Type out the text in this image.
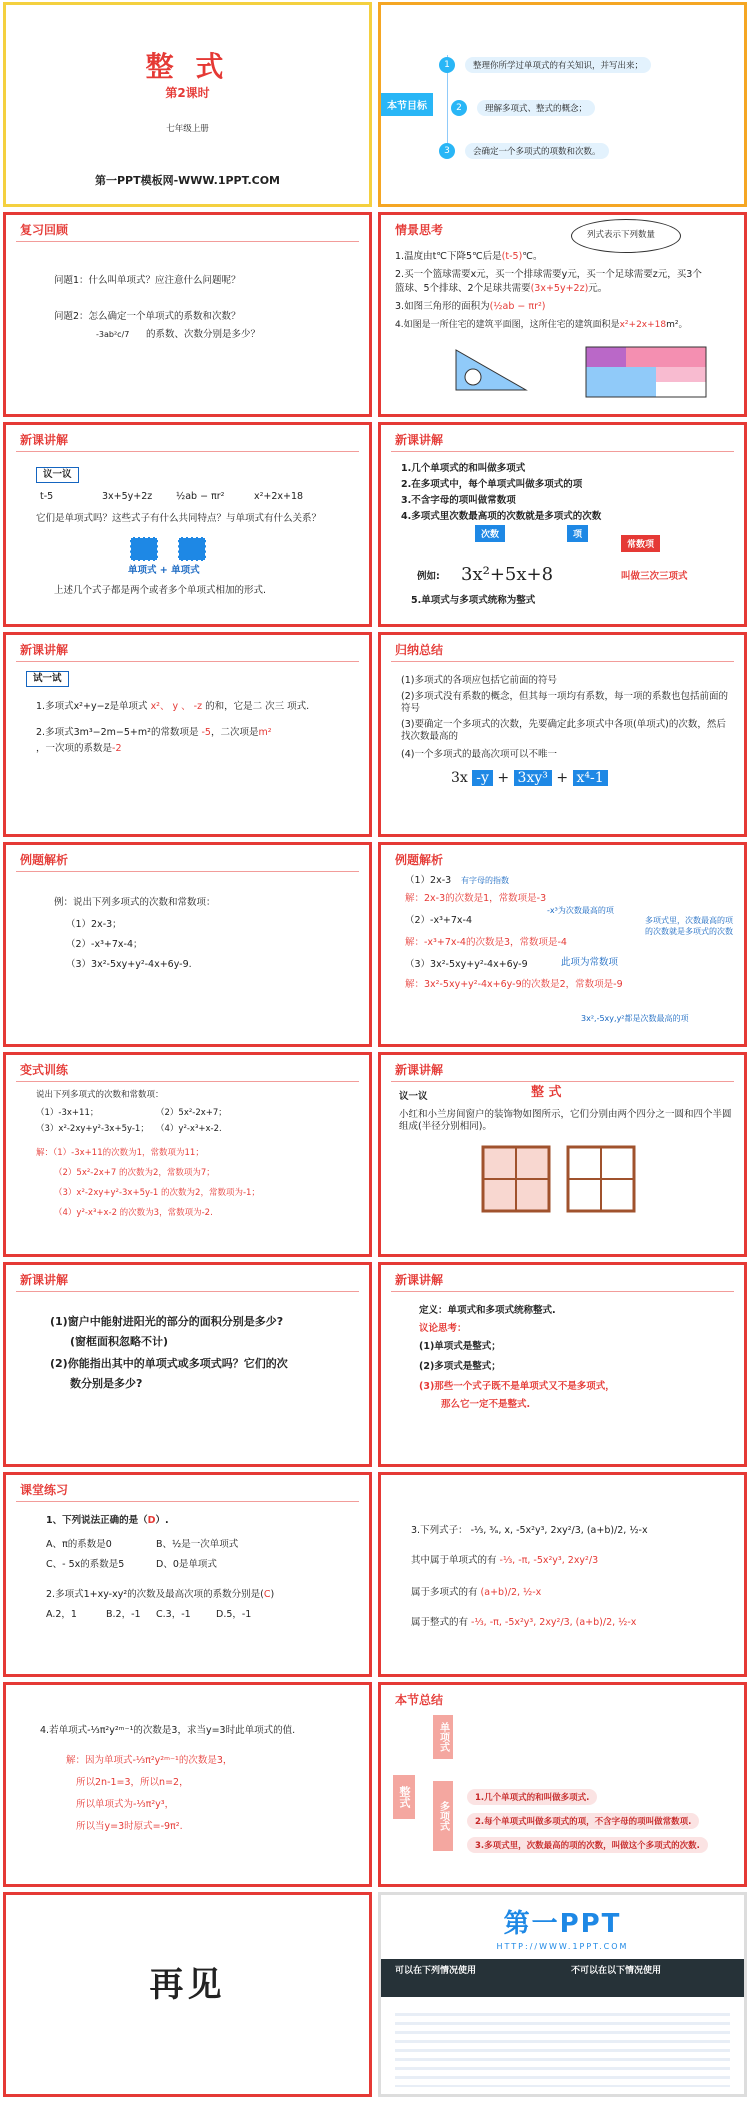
整 式
第2课时
七年级上册
第一PPT模板网-WWW.1PPT.COM
本节目标
1	整理你所学过单项式的有关知识，并写出来；
2	理解多项式、整式的概念；
3	会确定一个多项式的项数和次数。
复习回顾
问题1：什么叫单项式？应注意什么问题呢？
问题2：怎么确定一个单项式的系数和次数？
-3ab²c/7 的系数、次数分别是多少？
情景思考	列式表示下列数量
1.温度由t℃下降5℃后是(t-5)℃。
2.买一个篮球需要x元，买一个排球需要y元，买一个足球需要z元，买3个
篮球、5个排球、2个足球共需要(3x+5y+2z)元。
3.如图三角形的面积为(½ab − πr²)
4.如图是一所住宅的建筑平面图，这所住宅的建筑面积是x²+2x+18m²。
新课讲解
议一议
t-5	3x+5y+2z ½ab − πr²	x²+2x+18
它们是单项式吗？这些式子有什么共同特点？与单项式有什么关系？
单项式 + 单项式
上述几个式子都是两个或者多个单项式相加的形式.
新课讲解
1.几个单项式的和叫做多项式
2.在多项式中，每个单项式叫做多项式的项
3.不含字母的项叫做常数项
4.多项式里次数最高项的次数就是多项式的次数
次数	项
常数项
例如: 3x²+5x+8	叫做三次三项式
5.单项式与多项式统称为整式
新课讲解
试一试
1.多项式x²+y−z是单项式 x²、 y 、 -z 的和，它是二 次三 项式.
2.多项式3m³−2m−5+m²的常数项是 -5，二次项是m²
，一次项的系数是-2
归纳总结
(1)多项式的各项应包括它前面的符号
(2)多项式没有系数的概念，但其每一项均有系数，每一项的系数也包括前面的符号
(3)要确定一个多项式的次数，先要确定此多项式中各项(单项式)的次数，然后找次数最高的
(4)一个多项式的最高次项可以不唯一
3x -y + 3xy³ + x⁴-1
例题解析
例：说出下列多项式的次数和常数项：
（1）2x-3；
（2）-x³+7x-4；
（3）3x²-5xy+y²-4x+6y-9.
例题解析
有字母的指数
（1）2x-3
解：2x-3的次数是1，常数项是-3
（2）-x³+7x-4
-x³为次数最高的项
解：-x³+7x-4的次数是3，常数项是-4
此项为常数项
（3）3x²-5xy+y²-4x+6y-9
解：3x²-5xy+y²-4x+6y-9的次数是2，常数项是-9
多项式里，次数最高的项的次数就是多项式的次数
3x²,-5xy,y²都是次数最高的项
变式训练
说出下列多项式的次数和常数项：
（1）-3x+11；	（2）5x²-2x+7；
（3）x²-2xy+y²-3x+5y-1； （4）y²-x³+x-2.
解：（1）-3x+11的次数为1，常数项为11；
（2）5x²-2x+7 的次数为2，常数项为7；
（3）x²-2xy+y²-3x+5y-1 的次数为2，常数项为-1；
（4）y²-x³+x-2 的次数为3，常数项为-2.
新课讲解
议一议	整 式
小红和小兰房间窗户的装饰物如图所示，它们分别由两个四分之一圆和四个半圆组成(半径分别相同)。
新课讲解
(1)窗户中能射进阳光的部分的面积分别是多少?
(窗框面积忽略不计)
(2)你能指出其中的单项式或多项式吗？它们的次
数分别是多少?
新课讲解
定义：单项式和多项式统称整式.
议论思考：
(1)单项式是整式；
(2)多项式是整式；
(3)那些一个式子既不是单项式又不是多项式，
那么它一定不是整式.
课堂练习
1、下列说法正确的是（D）.
A、π的系数是0	B、½是一次单项式
C、- 5x的系数是5	D、0是单项式
2.多项式1+xy-xy²的次数及最高次项的系数分别是(C)
A.2，1	B.2，-1 C.3，-1	D.5，-1
3.下列式子： -⅓, ³⁄ₐ, x, -5x²y³, 2xy²/3, (a+b)/2, ½-x
其中属于单项式的有 -⅓, -π, -5x²y³, 2xy²/3
属于多项式的有 (a+b)/2, ½-x
属于整式的有 -⅓, -π, -5x²y³, 2xy²/3, (a+b)/2, ½-x
4.若单项式-⅓π²y²ᵐ⁻¹的次数是3，求当y=3时此单项式的值.
解：因为单项式-⅓π²y²ᵐ⁻¹的次数是3，
所以2n-1=3，所以n=2，
所以单项式为-⅓π²y³，
所以当y=3时原式=-9π².
本节总结
整式
单项式
多项式
1.几个单项式的和叫做多项式.
2.每个单项式叫做多项式的项，不含字母的项叫做常数项.
3.多项式里，次数最高的项的次数，叫做这个多项式的次数.
再见
第一PPT
HTTP://WWW.1PPT.COM
可以在下列情况使用	不可以在以下情况使用
